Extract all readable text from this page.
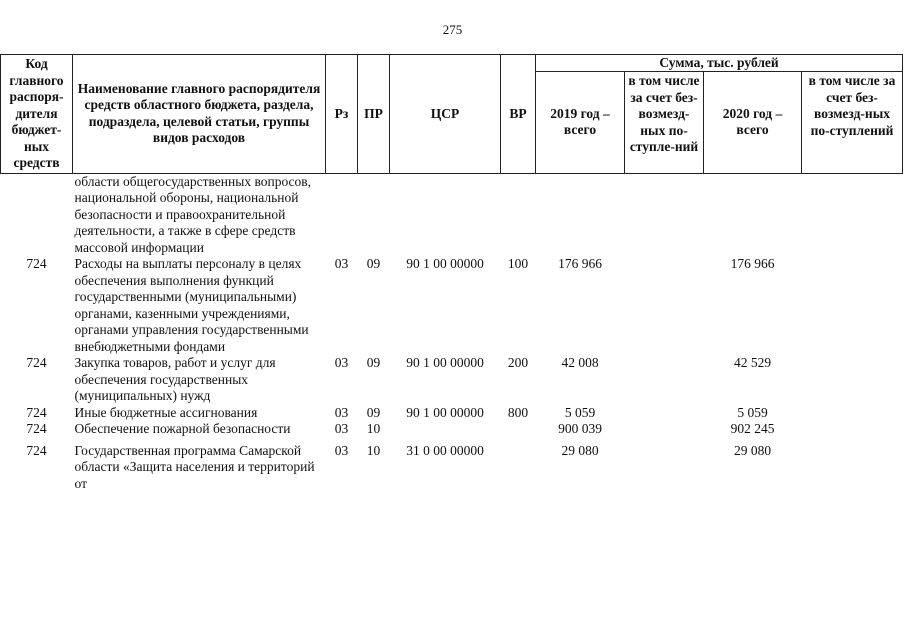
275
Код главного распоря-дителя бюджет-ных средств	Наименование главного распорядителя средств областного бюджета, раздела, подраздела, целевой статьи, группы видов расходов	Рз	ПР	ЦСР	ВР	Сумма, тыс. рублей			
						2019 год – всего	в том числе за счет без-возмезд-ных по-ступле-ний	2020 год – всего	в том числе за счет без-возмезд-ных по-ступлений
	области общегосударственных вопросов, национальной обороны, национальной безопасности и правоохранительной деятельности, а также в сфере средств массовой информации								
724	Расходы на выплаты персоналу в целях обеспечения выполнения функций государственными (муниципальными) органами, казенными учреждениями, органами управления государственными внебюджетными фондами	03	09	90 1 00 00000	100	176 966		176 966	
724	Закупка товаров, работ и услуг для обеспечения государственных (муниципальных) нужд	03	09	90 1 00 00000	200	42 008		42 529	
724	Иные бюджетные ассигнования	03	09	90 1 00 00000	800	5 059		5 059	
724	Обеспечение пожарной безопасности	03	10			900 039		902 245	
724	Государственная программа Самарской области «Защита населения и территорий от	03	10	31 0 00 00000		29 080		29 080	
